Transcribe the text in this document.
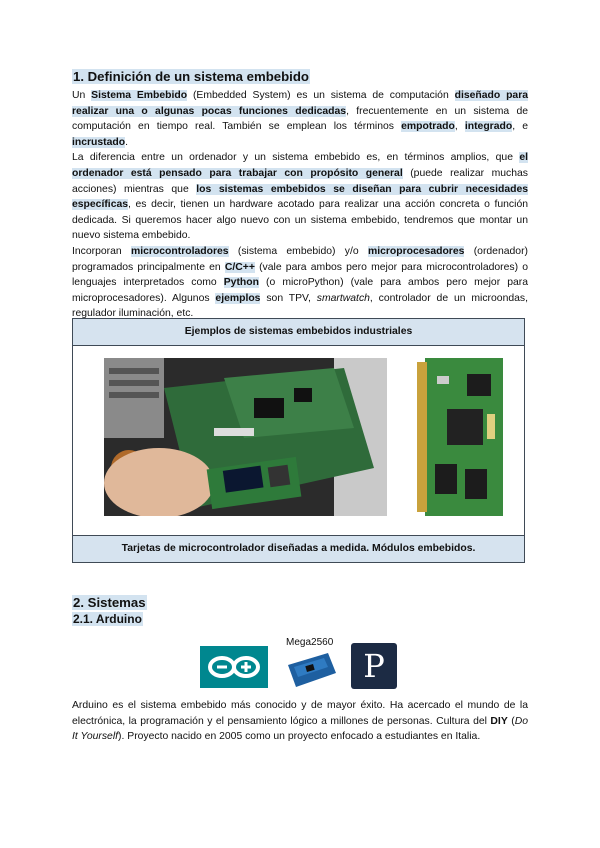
1. Definición de un sistema embebido

Un Sistema Embebido (Embedded System) es un sistema de computación diseñado para realizar una o algunas pocas funciones dedicadas, frecuentemente en un sistema de computación en tiempo real. También se emplean los términos empotrado, integrado, e incrustado.

La diferencia entre un ordenador y un sistema embebido es, en términos amplios, que el ordenador está pensado para trabajar con propósito general (puede realizar muchas acciones) mientras que los sistemas embebidos se diseñan para cubrir necesidades específicas, es decir, tienen un hardware acotado para realizar una acción concreta o función dedicada. Si queremos hacer algo nuevo con un sistema embebido, tendremos que montar un nuevo sistema embebido.

Incorporan microcontroladores (sistema embebido) y/o microprocesadores (ordenador) programados principalmente en C/C++ (vale para ambos pero mejor para microcontroladores) o lenguajes interpretados como Python (o microPython) (vale para ambos pero mejor para microprocesadores). Algunos ejemplos son TPV, smartwatch, controlador de un microondas, regulador iluminación, etc.

Ejemplos de sistemas embebidos industriales
Tarjetas de microcontrolador diseñadas a medida. Módulos embebidos.
2. Sistemas
2.1. Arduino
Mega2560
P

Arduino es el sistema embebido más conocido y de mayor éxito. Ha acercado el mundo de la electrónica, la programación y el pensamiento lógico a millones de personas. Cultura del DIY (Do It Yourself). Proyecto nacido en 2005 como un proyecto enfocado a estudiantes en Italia.
